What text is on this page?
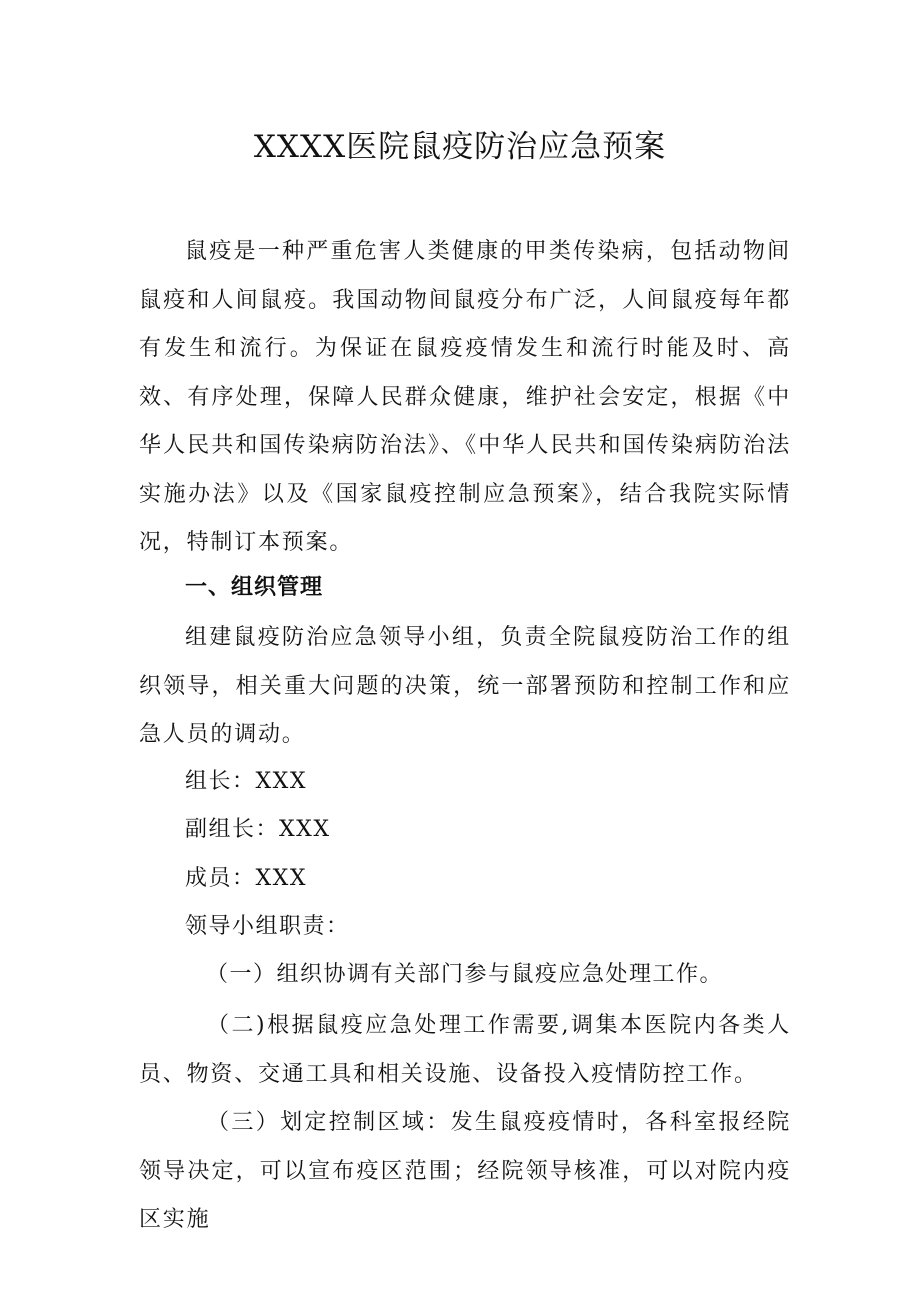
XXXX医院鼠疫防治应急预案
鼠疫是一种严重危害人类健康的甲类传染病，包括动物间鼠疫和人间鼠疫。我国动物间鼠疫分布广泛，人间鼠疫每年都有发生和流行。为保证在鼠疫疫情发生和流行时能及时、高效、有序处理，保障人民群众健康，维护社会安定，根据《中华人民共和国传染病防治法》、《中华人民共和国传染病防治法实施办法》以及《国家鼠疫控制应急预案》，结合我院实际情况，特制订本预案。
一、组织管理
组建鼠疫防治应急领导小组，负责全院鼠疫防治工作的组织领导，相关重大问题的决策，统一部署预防和控制工作和应急人员的调动。
组长：XXX
副组长：XXX
成员：XXX
领导小组职责：
（一）组织协调有关部门参与鼠疫应急处理工作。
（二)根据鼠疫应急处理工作需要,调集本医院内各类人员、物资、交通工具和相关设施、设备投入疫情防控工作。
（三）划定控制区域：发生鼠疫疫情时，各科室报经院领导决定，可以宣布疫区范围；经院领导核准，可以对院内疫区实施
